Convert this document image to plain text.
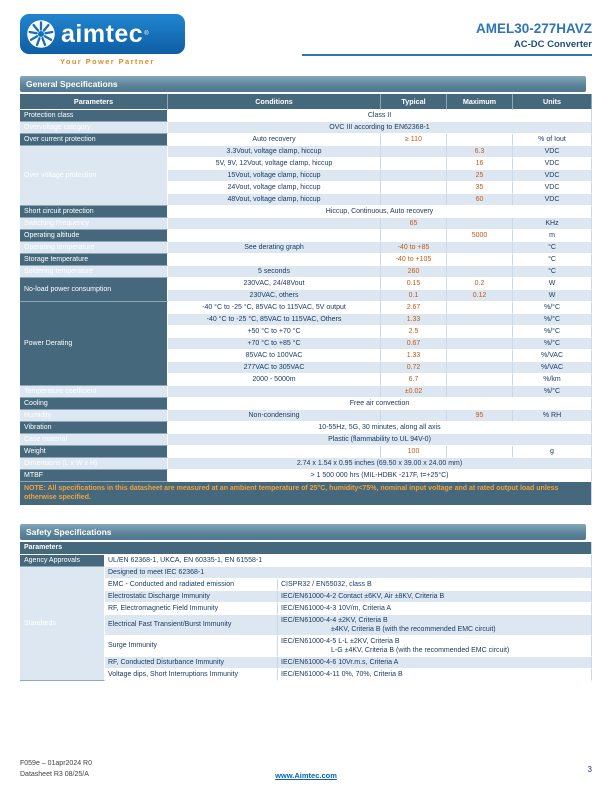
aimtec ®
Your Power Partner
AMEL30-277HAVZ
AC-DC Converter
General Specifications
Parameters	Conditions	Typical	Maximum	Units
Protection class	Class II			
Overvoltage category	OVC III according to EN62368-1			
Over current protection	Auto recovery	≥ 110		% of Iout
Over voltage protection	3.3Vout, voltage clamp, hiccup		6.3	VDC
	5V, 9V, 12Vout, voltage clamp, hiccup		16	VDC
	15Vout, voltage clamp, hiccup		25	VDC
	24Vout, voltage clamp, hiccup		35	VDC
	48Vout, voltage clamp, hiccup		60	VDC
Short circuit protection	Hiccup, Continuous, Auto recovery			
Switching Frequency		65		KHz
Operating altitude			5000	m
Operating temperature	See derating graph	-40 to +85		°C
Storage temperature		-40 to +105		°C
Soldering temperature	5 seconds	260		°C
No-load power consumption	230VAC, 24/48Vout	0.15	0.2	W
	230VAC, others	0.1	0.12	W
Power Derating	-40 °C to -25 °C, 85VAC to 115VAC, 5V output	2.67		%/°C
	-40 °C to -25 °C, 85VAC to 115VAC, Others	1.33		%/°C
	+50 °C to +70 °C	2.5		%/°C
	+70 °C to +85 °C	0.67		%/°C
	85VAC to 100VAC	1.33		%/VAC
	277VAC to 305VAC	0.72		%/VAC
	2000 - 5000m	6.7		%/km
Temperature coefficient		±0.02		%/°C
Cooling	Free air convection			
Humidity	Non-condensing		95	% RH
Vibration	10-55Hz, 5G, 30 minutes, along all axis			
Case material	Plastic (flammability to UL 94V-0)			
Weight		100		g
Dimensions (L x W x H)	2.74 x 1.54 x 0.95 inches (69.50 x 39.00 x 24.00 mm)			
MTBF	> 1 500 000 hrs (MIL-HDBK -217F, t=+25°C)			
NOTE: All specifications in this datasheet are measured at an ambient temperature of 25°C, humidity<75%, nominal input voltage and at rated output load unless otherwise specified.				
Safety Specifications
Parameters		
Agency Approvals	UL/EN 62368-1, UKCA, EN 60335-1, EN 61558-1	
Standards	Designed to meet IEC 62368-1	
	EMC - Conducted and radiated emission	CISPR32 / EN55032, class B
	Electrostatic Discharge Immunity	IEC/EN61000-4-2 Contact ±6KV, Air ±8KV, Criteria B
	RF, Electromagnetic Field Immunity	IEC/EN61000-4-3 10V/m, Criteria A
	Electrical Fast Transient/Burst Immunity	IEC/EN61000-4-4 ±2KV, Criteria B
±4KV, Criteria B (with the recommended EMC circuit)

	Surge Immunity	IEC/EN61000-4-5 L-L ±2KV, Criteria B
L-G ±4KV, Criteria B (with the recommended EMC circuit)

	RF, Conducted Disturbance Immunity	IEC/EN61000-4-6 10Vr.m.s, Criteria A
	Voltage dips, Short Interruptions Immunity	IEC/EN61000-4-11 0%, 70%, Criteria B
F059e – 01apr2024 R0
Datasheet R3 08/25/A	www.Aimtec.com
3
